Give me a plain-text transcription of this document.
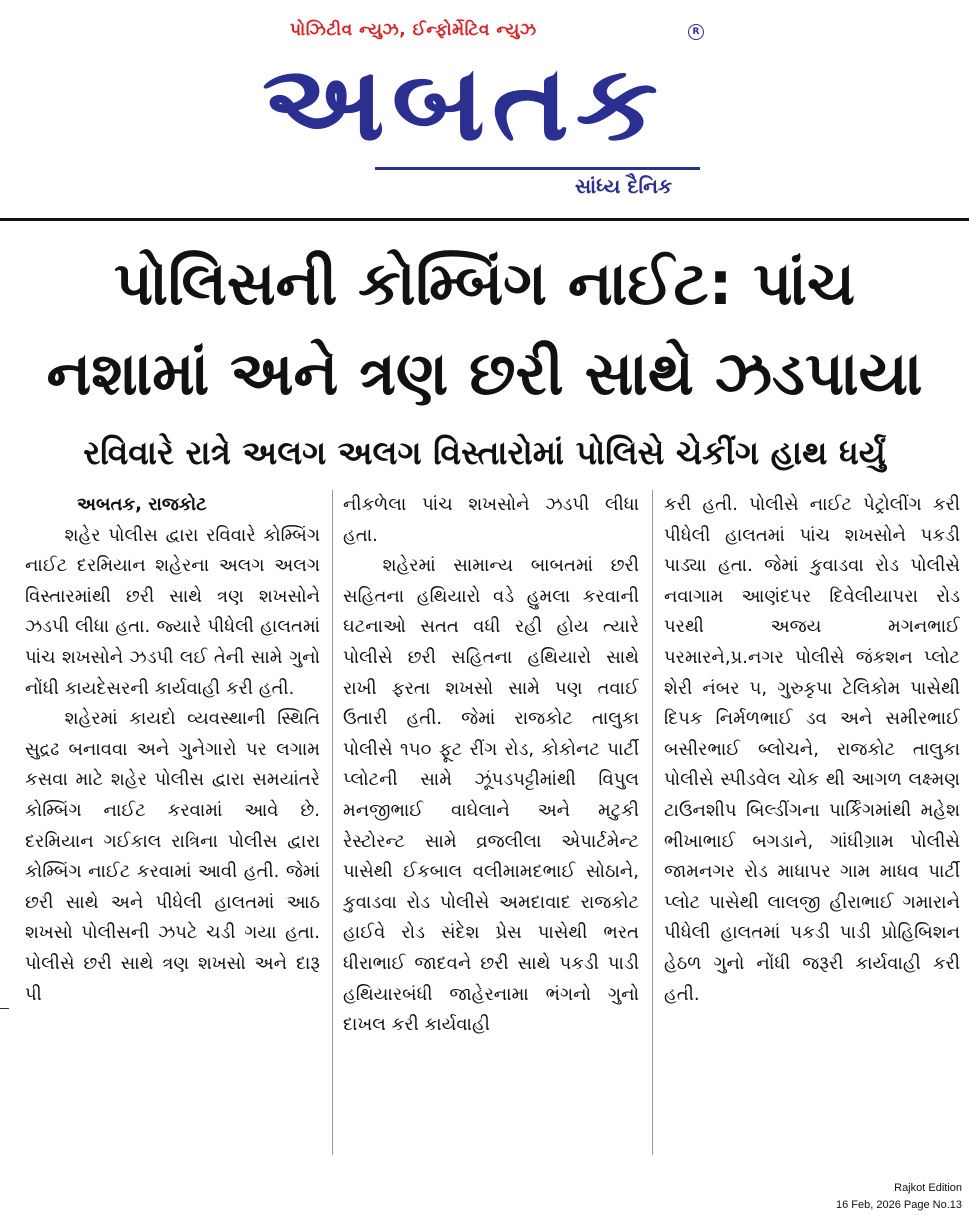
પોઝિટીવ ન્યુઝ, ઈન્ફોર્મેટિવ ન્યુઝ	R
અબતક
સાંધ્ય દૈનિક
પોલિસની કોમ્બિંગ નાઈટ: પાંચ
નશામાં અને ત્રણ છરી સાથે ઝડપાયા
રવિવારે રાત્રે અલગ અલગ વિસ્તારોમાં પોલિસે ચેકીંગ હાથ ધર્યું

અબતક, રાજકોટ

શહેર પોલીસ દ્વારા રવિવારે કોમ્બિંગ નાઈટ દરમિયાન શહેરના અલગ અલગ વિસ્તારમાંથી છરી સાથે ત્રણ શખસોને ઝડપી લીધા હતા. જ્યારે પીધેલી હાલતમાં પાંચ શખસોને ઝડપી લઈ તેની સામે ગુનો નોંધી કાયદેસરની કાર્યવાહી કરી હતી.

શહેરમાં કાયદો વ્યવસ્થાની સ્થિતિ સુદ્રઢ બનાવવા અને ગુનેગારો પર લગામ કસવા માટે શહેર પોલીસ દ્વારા સમયાંતરે કોમ્બિંગ નાઈટ કરવામાં આવે છે. દરમિયાન ગઈકાલ રાત્રિના પોલીસ દ્વારા કોમ્બિંગ નાઈટ કરવામાં આવી હતી. જેમાં છરી સાથે અને પીધેલી હાલતમાં આઠ શખસો પોલીસની ઝપટે ચડી ગયા હતા. પોલીસે છરી સાથે ત્રણ શખસો અને દારૂ પી

નીકળેલા પાંચ શખસોને ઝડપી લીધા હતા.

શહેરમાં સામાન્ય બાબતમાં છરી સહિતના હથિયારો વડે હુમલા કરવાની ઘટનાઓ સતત વધી રહી હોય ત્યારે પોલીસે છરી સહિતના હથિયારો સાથે રાખી ફરતા શખસો સામે પણ તવાઈ ઉતારી હતી. જેમાં રાજકોટ તાલુકા પોલીસે ૧૫૦ ફૂટ રીંગ રોડ, કોકોનટ પાર્ટી પ્લોટની સામે ઝૂંપડપટ્ટીમાંથી વિપુલ મનજીભાઈ વાઘેલાને અને મટુકી રેસ્ટોરન્ટ સામે વ્રજલીલા એપાર્ટમેન્ટ પાસેથી ઈકબાલ વલીમામદભાઈ સોઠાને, કુવાડવા રોડ પોલીસે અમદાવાદ રાજકોટ હાઈવે રોડ સંદેશ પ્રેસ પાસેથી ભરત ધીરાભાઈ જાદવને છરી સાથે પકડી પાડી હથિયારબંધી જાહેરનામા ભંગનો ગુનો દાખલ કરી કાર્યવાહી

કરી હતી. પોલીસે નાઈટ પેટ્રોલીંગ કરી પીધેલી હાલતમાં પાંચ શખસોને પકડી પાડ્યા હતા. જેમાં કુવાડવા રોડ પોલીસે નવાગામ આણંદપર દિવેલીયાપરા રોડ પરથી અજય મગનભાઈ પરમારને,પ્ર.નગર પોલીસે જંકશન પ્લોટ શેરી નંબર ૫, ગુરુકૃપા ટેલિકોમ પાસેથી દિપક નિર્મળભાઈ ડવ અને સમીરભાઈ બસીરભાઈ બ્લોચને, રાજકોટ તાલુકા પોલીસે સ્પીડવેલ ચોક થી આગળ લક્ષ્મણ ટાઉનશીપ બિલ્ડીંગના પાર્કિંગમાંથી મહેશ ભીખાભાઈ બગડાને, ગાંધીગ્રામ પોલીસે જામનગર રોડ માધાપર ગામ માધવ પાર્ટી પ્લોટ પાસેથી લાલજી હીરાભાઈ ગમારાને પીધેલી હાલતમાં પકડી પાડી પ્રોહિબિશન હેઠળ ગુનો નોંધી જરૂરી કાર્યવાહી કરી હતી.

Rajkot Edition
16 Feb, 2026 Page No.13
